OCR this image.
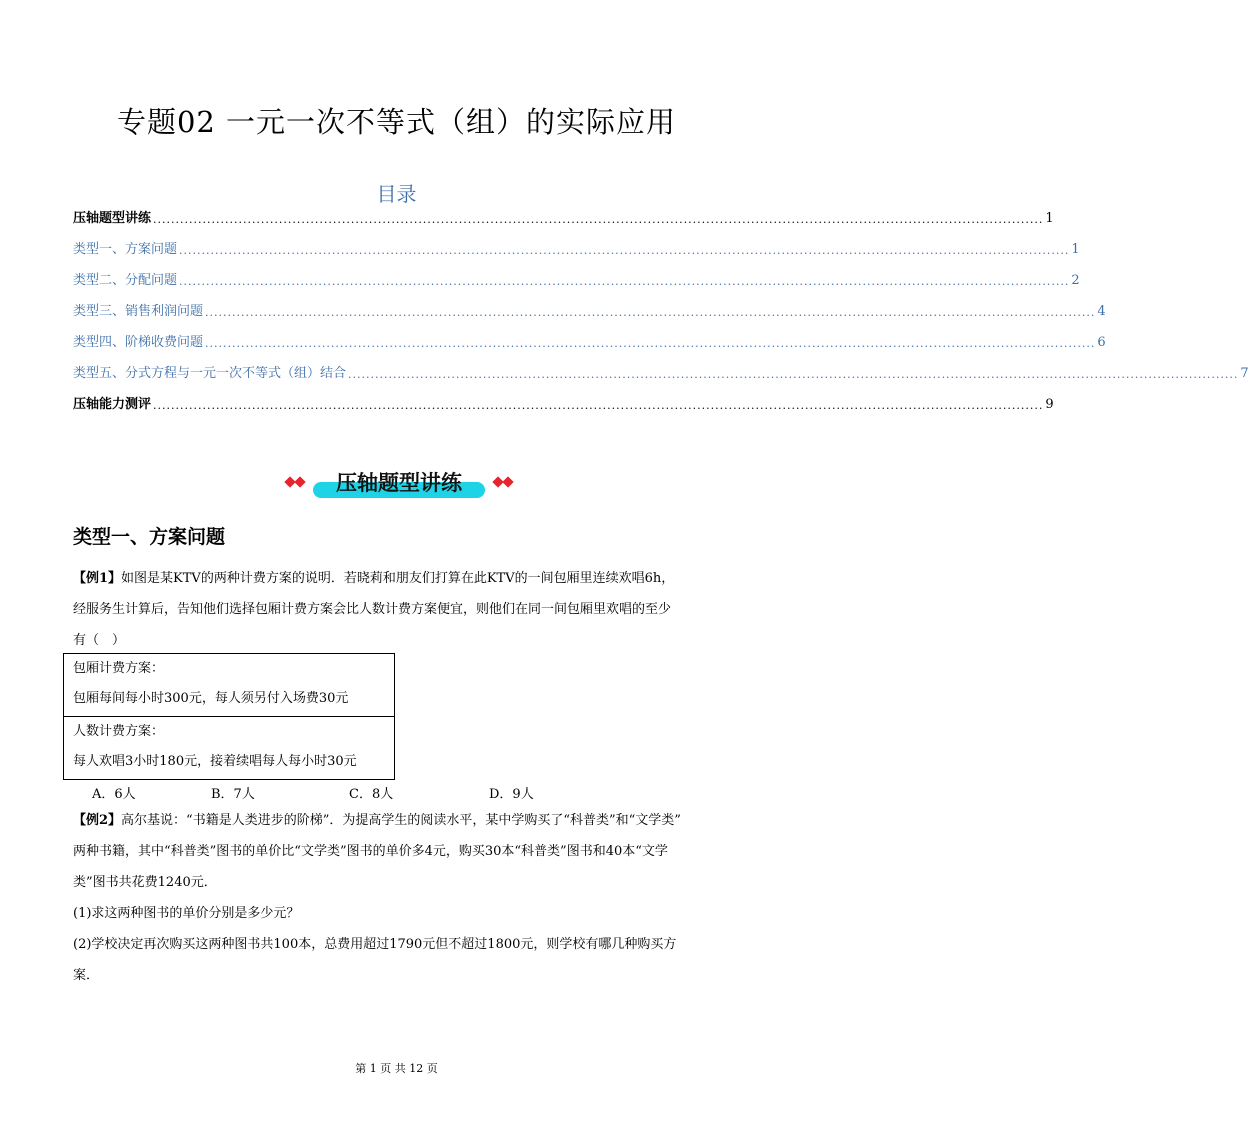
专题02 一元一次不等式（组）的实际应用
目录
压轴题型讲练 ...................................................................................................................................................................................................... 1
类型一、方案问题 ...................................................................................................................................................................................................... 1
类型二、分配问题 ...................................................................................................................................................................................................... 2
类型三、销售利润问题 ...................................................................................................................................................................................................... 4
类型四、阶梯收费问题 ...................................................................................................................................................................................................... 6
类型五、分式方程与一元一次不等式（组）结合 ...................................................................................................................................................................................................... 7
压轴能力测评 ...................................................................................................................................................................................................... 9
压轴题型讲练
类型一、方案问题
【例1】如图是某KTV的两种计费方案的说明．若晓莉和朋友们打算在此KTV的一间包厢里连续欢唱6h，
经服务生计算后，告知他们选择包厢计费方案会比人数计费方案便宜，则他们在同一间包厢里欢唱的至少
有（　）
包厢计费方案：
包厢每间每小时300元，每人须另付入场费30元
人数计费方案：
每人欢唱3小时180元，接着续唱每人每小时30元
A．6人	B．7人	C．8人	D．9人
【例2】高尔基说：“书籍是人类进步的阶梯”．为提高学生的阅读水平，某中学购买了“科普类”和“文学类”
两种书籍，其中“科普类”图书的单价比“文学类”图书的单价多4元，购买30本“科普类”图书和40本“文学
类”图书共花费1240元．
(1)求这两种图书的单价分别是多少元？
(2)学校决定再次购买这两种图书共100本，总费用超过1790元但不超过1800元，则学校有哪几种购买方
案．
第 1 页 共 12 页
